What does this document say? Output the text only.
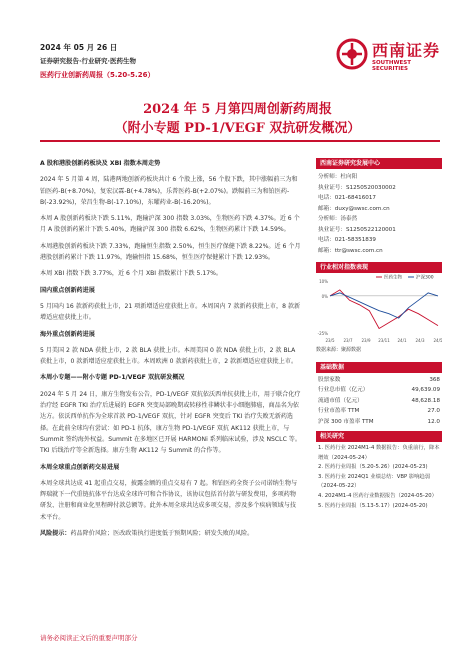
2024 年 05 月 26 日
证券研究报告·行业研究·医药生物
医药行业创新药周报（5.20-5.26）
西南证券
SOUTHWEST SECURITIES
2024 年 5 月第四周创新药周报
（附小专题 PD-1/VEGF 双抗研发概况）

A 股和港股创新药板块及 XBI 指数本周走势

2024 年 5 月第 4 周，陆港两地创新药板块共计 6 个股上涨，56 个股下跌，其中涨幅前三为和铂医药-B(+8.70%)，复宏汉霖-B(+4.78%)，乐普医药-B(+2.07%)。跌幅前三为和铂医药-B(-23.92%)，荣昌生物-B(-17.10%)，东曜药业-B(-16.20%)。

本周 A 股创新药板块下跌 5.11%，跑输沪深 300 指数 3.03%，生物医药下跌 4.37%。近 6 个月 A 股创新药累计下跌 5.40%，跑输沪深 300 指数 6.62%，生物医药累计下跌 14.59%。

本周港股创新药板块下跌 7.33%，跑输恒生指数 2.50%，恒生医疗保健下跌 8.22%。近 6 个月港股创新药累计下跌 11.97%，跑输恒指 15.68%，恒生医疗保健累计下跌 12.93%。

本周 XBI 指数下跌 3.77%，近 6 个月 XBI 指数累计下跌 5.17%。

国内重点创新药进展

5 月国内 16 款新药获批上市，21 项新增适应症获批上市。本周国内 7 款新药获批上市，8 款新增适应症获批上市。

海外重点创新药进展

5 月美国 2 款 NDA 获批上市，2 款 BLA 获批上市。本周美国 0 款 NDA 获批上市，2 款 BLA 获批上市，0 款新增适应症获批上市。本周欧洲 0 款新药获批上市，2 款新增适应症获批上市。

本周小专题——附小专题 PD-1/VEGF 双抗研发概况

2024 年 5 月 24 日，康方生物发布公告，PD-1/VEGF 双抗依沃西单抗获批上市，用于联合化疗治疗经 EGFR TKI 治疗后进展的 EGFR 突变局部晚期或转移性非鳞状非小细胞肺癌，商品名为依达方。依沃西单抗作为全球首款 PD-1/VEGF 双抗，针对 EGFR 突变后 TKI 治疗失败无新药选择。在此前全球均有尝试：如 PD-1 抗体，康方生物 PD-1/VEGF 双抗 AK112 获批上市，与 Summit 签约海外权益。Summit 在多地区已开展 HARMONi 系列临床试验，涉及 NSCLC 等。TKI 后线治疗等全新选择。康方生物 AK112 与 Summit 的合作等。

本周全球重点创新药交易进展

本周全球共达成 41 起重点交易，披露金额的重点交易有 7 起。和铂医药全资子公司诺纳生物与辉瑞就下一代重链抗体平台达成全球许可和合作协议，该协议包括首付款与研发费用，多项药物研发、注册和商业化里程碑付款总额等。此外本周全球共达成多项交易，涉及多个疾病领域与技术平台。

风险提示：药品降价风险；医改政策执行进度低于预期风险；研发失败的风险。

西南证券研究发展中心
分析师：杜向阳
执业证号：S1250520030002
电话：021-68416017
邮箱：duxy@swsc.com.cn
分析师：汤泰然
执业证号：S1250522120001
电话：021-58351839
邮箱：ttr@swsc.com.cn
行业相对指数表现
-25%
0%
10%
23/5 23/7 23/9 23/11 24/1 24/3 24/5
医药生物	沪深300
数据来源：聚源数据
基础数据
股票家数	368
行业总市值（亿元）	49,639.09
流通市值（亿元）	48,628.18
行业市盈率 TTM	27.0
沪深 300 市盈率 TTM	12.0
相关研究
1. 医药行业 2024M1-4 数据报告：负重前行，降本增效（2024-05-24）
2. 医药行业周报（5.20-5.26）(2024-05-23)
3. 医药行业 2024Q1 业绩总结：VBP 影响趋弱（2024-05-22）
4. 2024M1-4 医药行业数据报告（2024-05-20）
5. 医药行业周报（5.13-5.17）(2024-05-20)
请务必阅读正文后的重要声明部分
